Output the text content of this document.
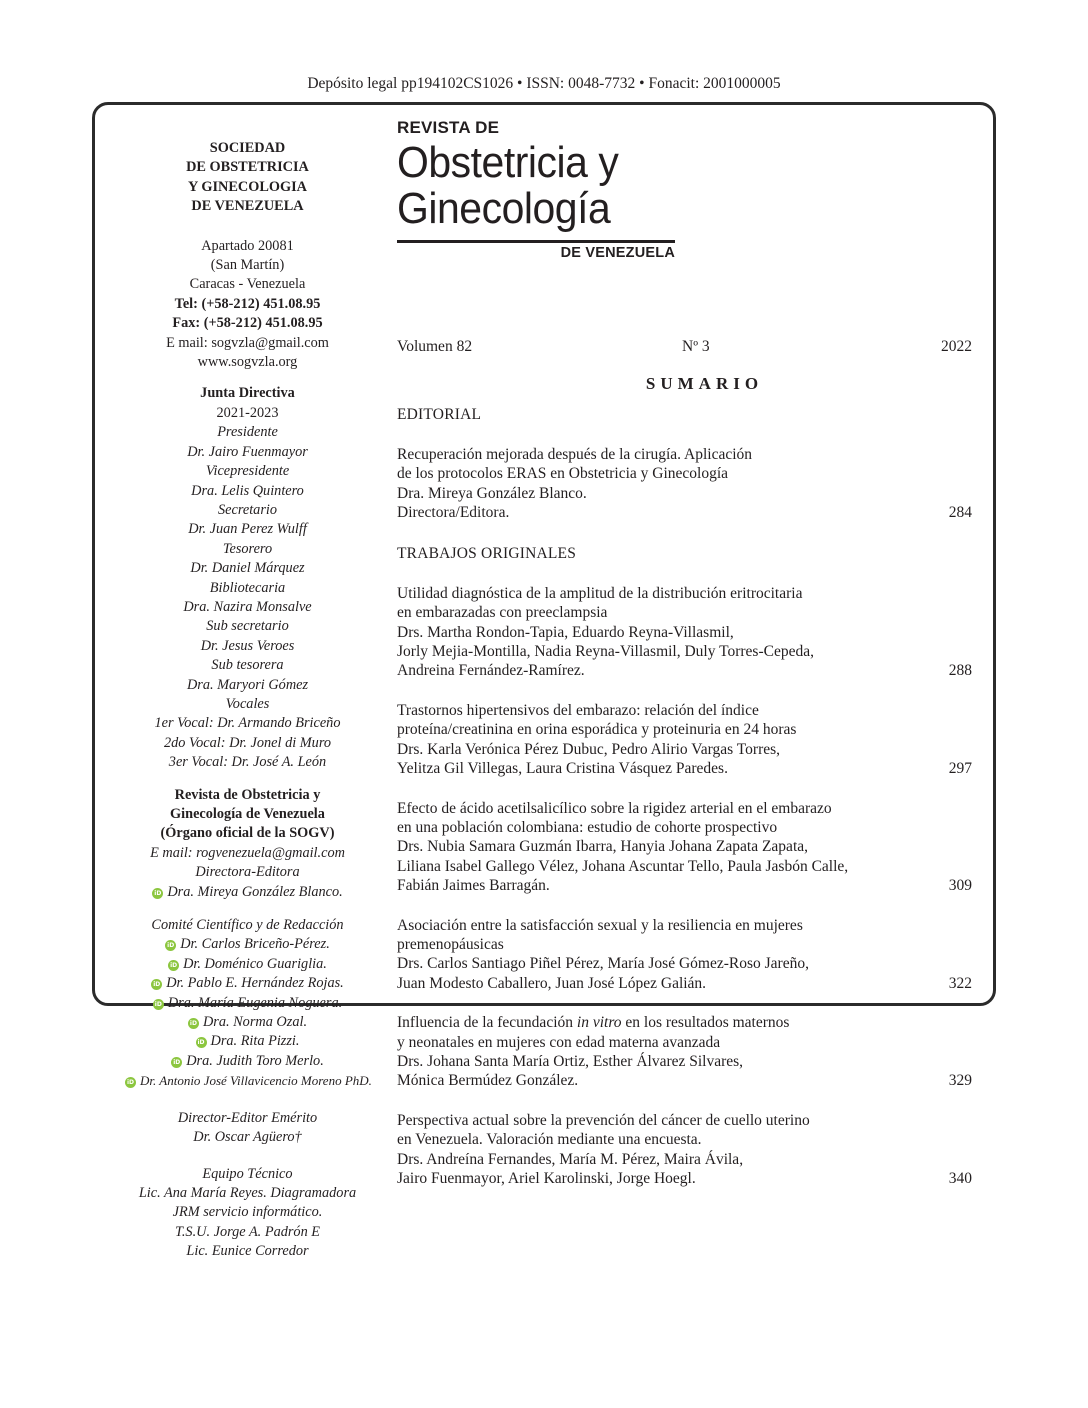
Depósito legal pp194102CS1026 • ISSN: 0048-7732 • Fonacit: 2001000005
REVISTA DE
Obstetricia y
Ginecología
DE VENEZUELA
SOCIEDAD
DE OBSTETRICIA
Y GINECOLOGIA
DE VENEZUELA
Apartado 20081
(San Martín)
Caracas - Venezuela
Tel: (+58-212) 451.08.95
Fax: (+58-212) 451.08.95
E mail: sogvzla@gmail.com
www.sogvzla.org
Junta Directiva
2021-2023
Presidente
Dr. Jairo Fuenmayor
Vicepresidente
Dra. Lelis Quintero
Secretario
Dr. Juan Perez Wulff
Tesorero
Dr. Daniel Márquez
Bibliotecaria
Dra. Nazira Monsalve
Sub secretario
Dr. Jesus Veroes
Sub tesorera
Dra. Maryori Gómez
Vocales
1er Vocal: Dr. Armando Briceño
2do Vocal: Dr. Jonel di Muro
3er Vocal: Dr. José A. León
Revista de Obstetricia y
Ginecología de Venezuela
(Órgano oficial de la SOGV)
E mail: rogvenezuela@gmail.com
Directora-Editora
iD Dra. Mireya González Blanco.
Comité Científico y de Redacción
iD Dr. Carlos Briceño-Pérez.
iD Dr. Doménico Guariglia.
iD Dr. Pablo E. Hernández Rojas.
iD Dra. María Eugenia Noguera.
iD Dra. Norma Ozal.
iD Dra. Rita Pizzi.
iD Dra. Judith Toro Merlo.
iD Dr. Antonio José Villavicencio Moreno PhD.
Director-Editor Emérito
Dr. Oscar Agüero†
Equipo Técnico
Lic. Ana María Reyes. Diagramadora
JRM servicio informático.
T.S.U. Jorge A. Padrón E
Lic. Eunice Corredor
Volumen 82	Nº 3	2022
SUMARIO
EDITORIAL
Recuperación mejorada después de la cirugía. Aplicación
de los protocolos ERAS en Obstetricia y Ginecología
Dra. Mireya González Blanco.
Directora/Editora.	284
TRABAJOS ORIGINALES
Utilidad diagnóstica de la amplitud de la distribución eritrocitaria
en embarazadas con preeclampsia
Drs. Martha Rondon-Tapia, Eduardo Reyna-Villasmil,
Jorly Mejia-Montilla, Nadia Reyna-Villasmil, Duly Torres-Cepeda,
Andreina Fernández-Ramírez.	288
Trastornos hipertensivos del embarazo: relación del índice
proteína/creatinina en orina esporádica y proteinuria en 24 horas
Drs. Karla Verónica Pérez Dubuc, Pedro Alirio Vargas Torres,
Yelitza Gil Villegas, Laura Cristina Vásquez Paredes.	297
Efecto de ácido acetilsalicílico sobre la rigidez arterial en el embarazo
en una población colombiana: estudio de cohorte prospectivo
Drs. Nubia Samara Guzmán Ibarra, Hanyia Johana Zapata Zapata,
Liliana Isabel Gallego Vélez, Johana Ascuntar Tello, Paula Jasbón Calle,
Fabián Jaimes Barragán.	309
Asociación entre la satisfacción sexual y la resiliencia en mujeres
premenopáusicas
Drs. Carlos Santiago Piñel Pérez, María José Gómez-Roso Jareño,
Juan Modesto Caballero, Juan José López Galián.	322
Influencia de la fecundación in vitro en los resultados maternos
y neonatales en mujeres con edad materna avanzada
Drs. Johana Santa María Ortiz, Esther Álvarez Silvares,
Mónica Bermúdez González.	329
Perspectiva actual sobre la prevención del cáncer de cuello uterino
en Venezuela. Valoración mediante una encuesta.
Drs. Andreína Fernandes, María M. Pérez, Maira Ávila,
Jairo Fuenmayor, Ariel Karolinski, Jorge Hoegl.	340
